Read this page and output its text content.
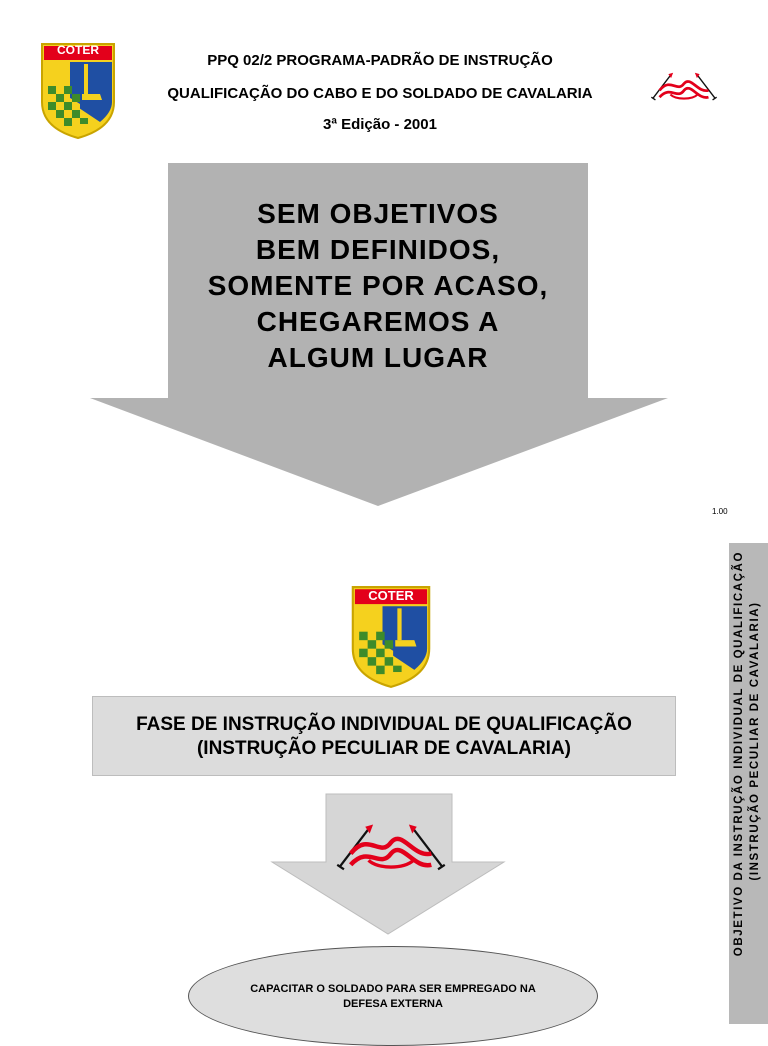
COTER
PPQ 02/2 PROGRAMA-PADRÃO DE INSTRUÇÃO
QUALIFICAÇÃO DO CABO E DO SOLDADO DE CAVALARIA
3ª Edição - 2001
SEM OBJETIVOS
BEM DEFINIDOS,
SOMENTE POR ACASO,
CHEGAREMOS A
ALGUM LUGAR
1.00
COTER
FASE DE INSTRUÇÃO INDIVIDUAL DE QUALIFICAÇÃO
(INSTRUÇÃO PECULIAR DE CAVALARIA)
CAPACITAR O SOLDADO PARA SER EMPREGADO NA
DEFESA EXTERNA
OBJETIVO DA INSTRUÇÃO INDIVIDUAL DE QUALIFICAÇÃO (INSTRUÇÃO PECULIAR DE CAVALARIA)
